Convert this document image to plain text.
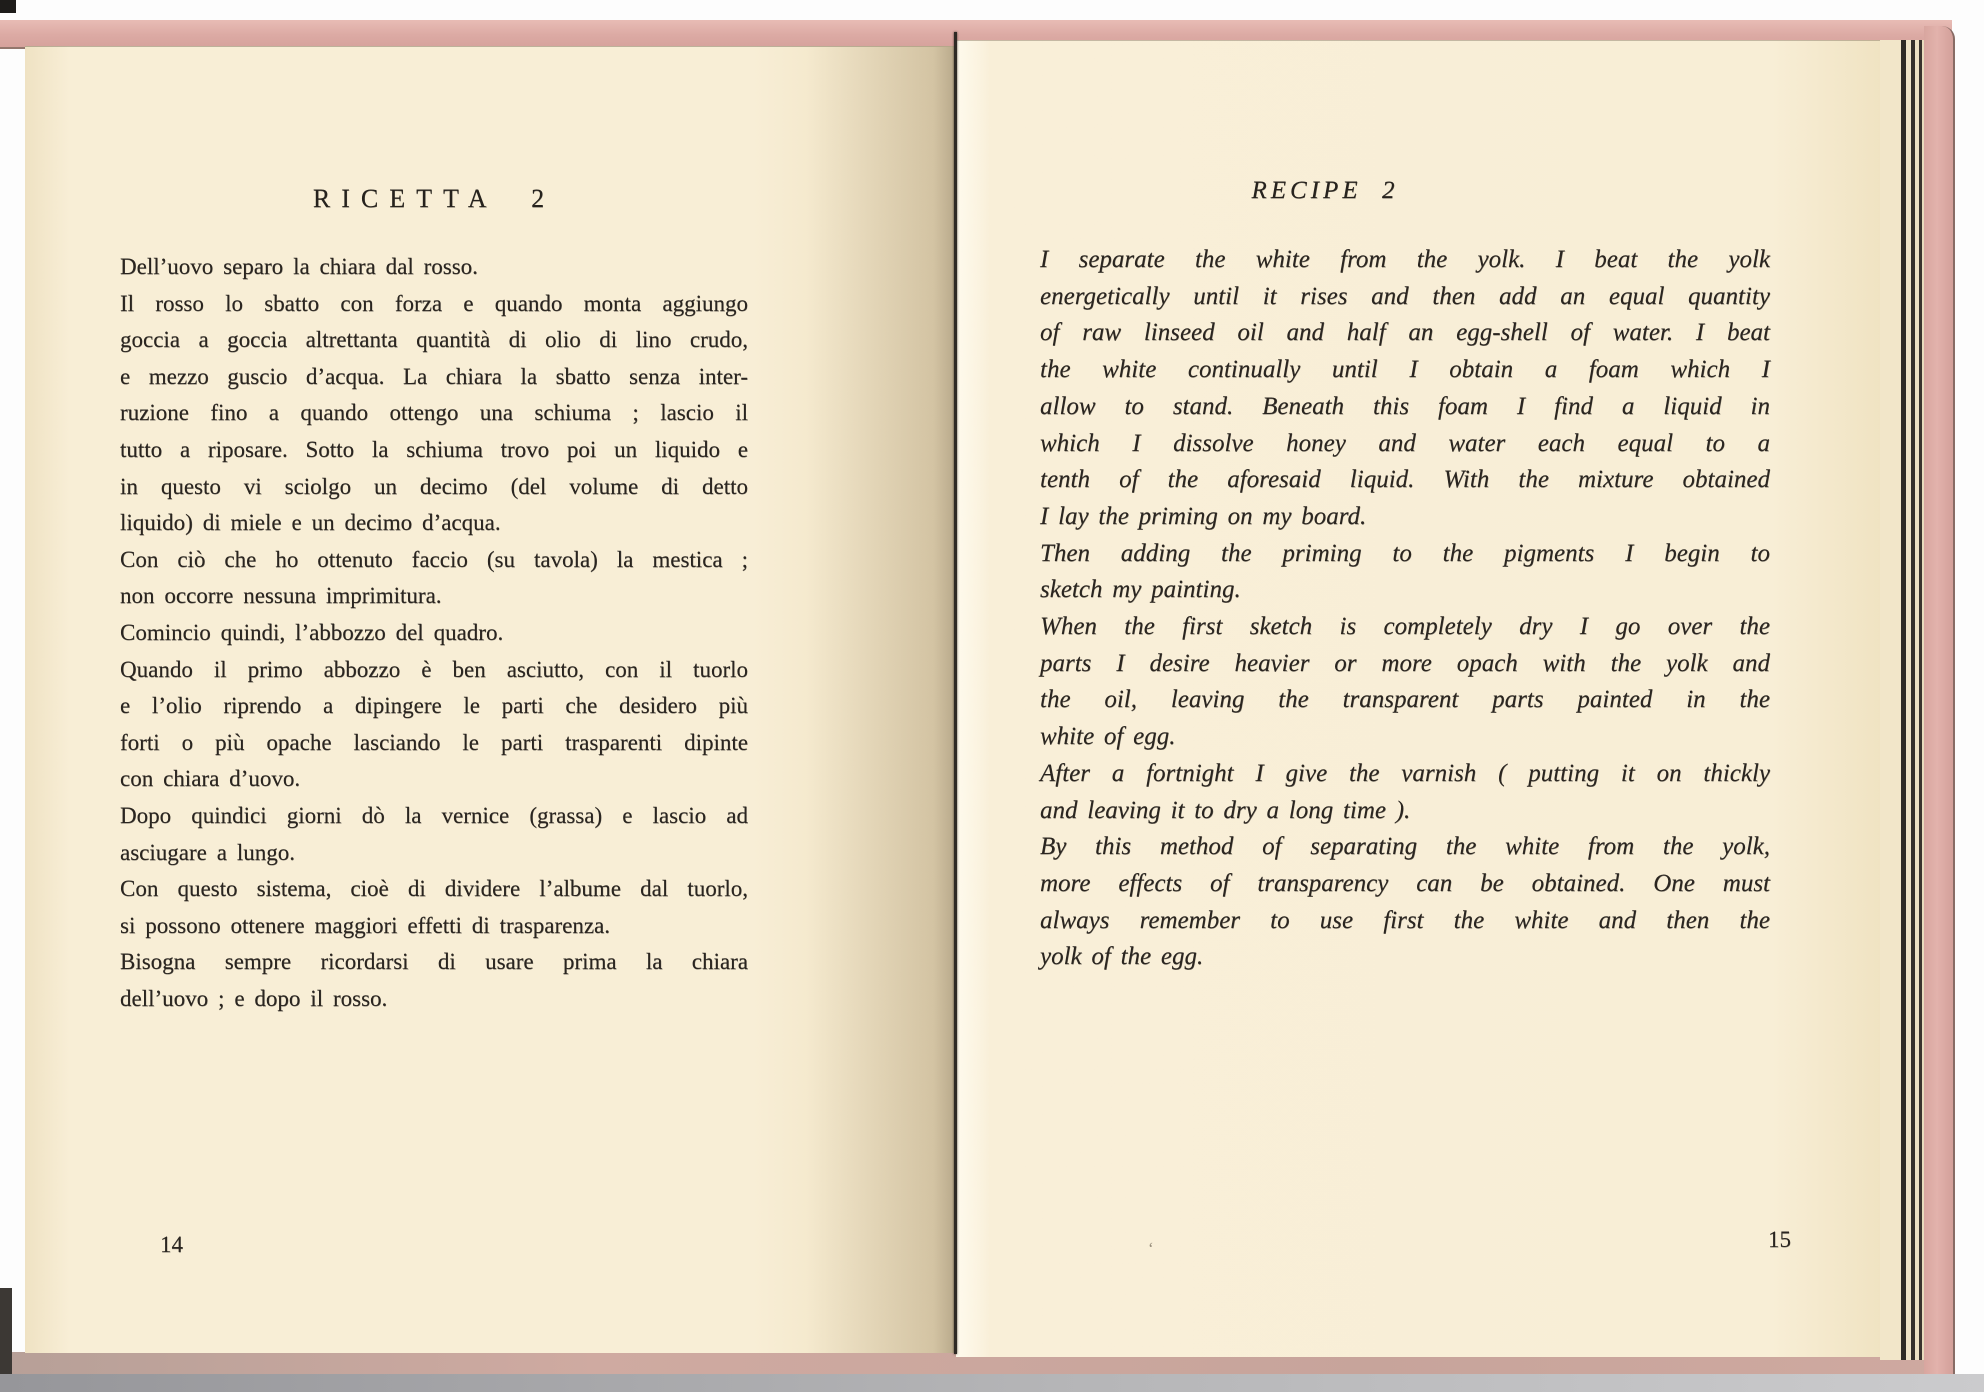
RICETTA  2
Dell’uovo separo la chiara dal rosso.
Il rosso lo sbatto con forza e quando monta aggiungo
goccia a goccia altrettanta quantità di olio di lino crudo,
e mezzo guscio d’acqua. La chiara la sbatto senza inter-
ruzione fino a quando ottengo una schiuma ; lascio il
tutto a riposare. Sotto la schiuma trovo poi un liquido e
in questo vi sciolgo un decimo (del volume di detto
liquido) di miele e un decimo d’acqua.
Con ciò che ho ottenuto faccio (su tavola) la mestica ;
non occorre nessuna imprimitura.
Comincio quindi, l’abbozzo del quadro.
Quando il primo abbozzo è ben asciutto, con il tuorlo
e l’olio riprendo a dipingere le parti che desidero più
forti o più opache lasciando le parti trasparenti dipinte
con chiara d’uovo.
Dopo quindici giorni dò la vernice (grassa) e lascio ad
asciugare a lungo.
Con questo sistema, cioè di dividere l’albume dal tuorlo,
si possono ottenere maggiori effetti di trasparenza.
Bisogna sempre ricordarsi di usare prima la chiara
dell’uovo ; e dopo il rosso.
14
RECIPE  2
I separate the white from the yolk. I beat the yolk
energetically until it rises and then add an equal quantity
of raw linseed oil and half an egg-shell of water. I beat
the white continually until I obtain a foam which I
allow to stand. Beneath this foam I find a liquid in
which I dissolve honey and water each equal to a
tenth of the aforesaid liquid. With the mixture obtained
I lay the priming on my board.
Then adding the priming to the pigments I begin to
sketch my painting.
When the first sketch is completely dry I go over the
parts I desire heavier or more opach with the yolk and
the oil, leaving the transparent parts painted in the
white of egg.
After a fortnight I give the varnish ( putting it on thickly
and leaving it to dry a long time ).
By this method of separating the white from the yolk,
more effects of transparency can be obtained. One must
always remember to use first the white and then the
yolk of the egg.
15
‘
